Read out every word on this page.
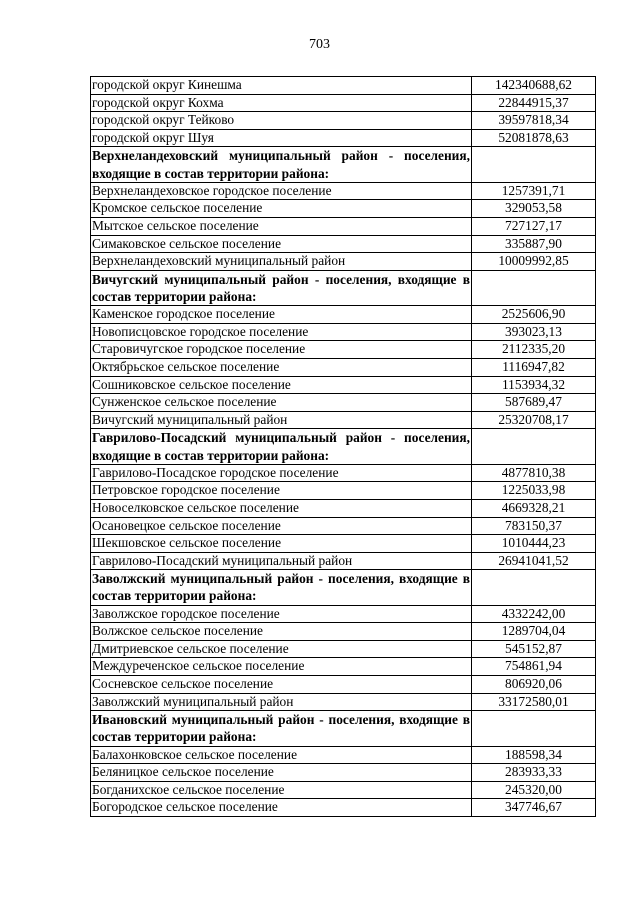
703
городской округ Кинешма	142340688,62
городской округ Кохма	22844915,37
городской округ Тейково	39597818,34
городской округ Шуя	52081878,63
Верхнеландеховский муниципальный район - поселения, входящие в состав территории района:	
Верхнеландеховское городское поселение	1257391,71
Кромское сельское поселение	329053,58
Мытское сельское поселение	727127,17
Симаковское сельское поселение	335887,90
Верхнеландеховский муниципальный район	10009992,85
Вичугский муниципальный район - поселения, входящие в состав территории района:	
Каменское городское поселение	2525606,90
Новописцовское городское поселение	393023,13
Старовичугское городское поселение	2112335,20
Октябрьское сельское поселение	1116947,82
Сошниковское сельское поселение	1153934,32
Сунженское сельское поселение	587689,47
Вичугский муниципальный район	25320708,17
Гаврилово-Посадский муниципальный район - поселения, входящие в состав территории района:	
Гаврилово-Посадское городское поселение	4877810,38
Петровское городское поселение	1225033,98
Новоселковское сельское поселение	4669328,21
Осановецкое сельское поселение	783150,37
Шекшовское сельское поселение	1010444,23
Гаврилово-Посадский муниципальный район	26941041,52
Заволжский муниципальный район - поселения, входящие в состав территории района:	
Заволжское городское поселение	4332242,00
Волжское сельское поселение	1289704,04
Дмитриевское сельское поселение	545152,87
Междуреченское сельское поселение	754861,94
Сосневское сельское поселение	806920,06
Заволжский муниципальный район	33172580,01
Ивановский муниципальный район - поселения, входящие в состав территории района:	
Балахонковское сельское поселение	188598,34
Беляницкое сельское поселение	283933,33
Богданихское сельское поселение	245320,00
Богородское сельское поселение	347746,67
